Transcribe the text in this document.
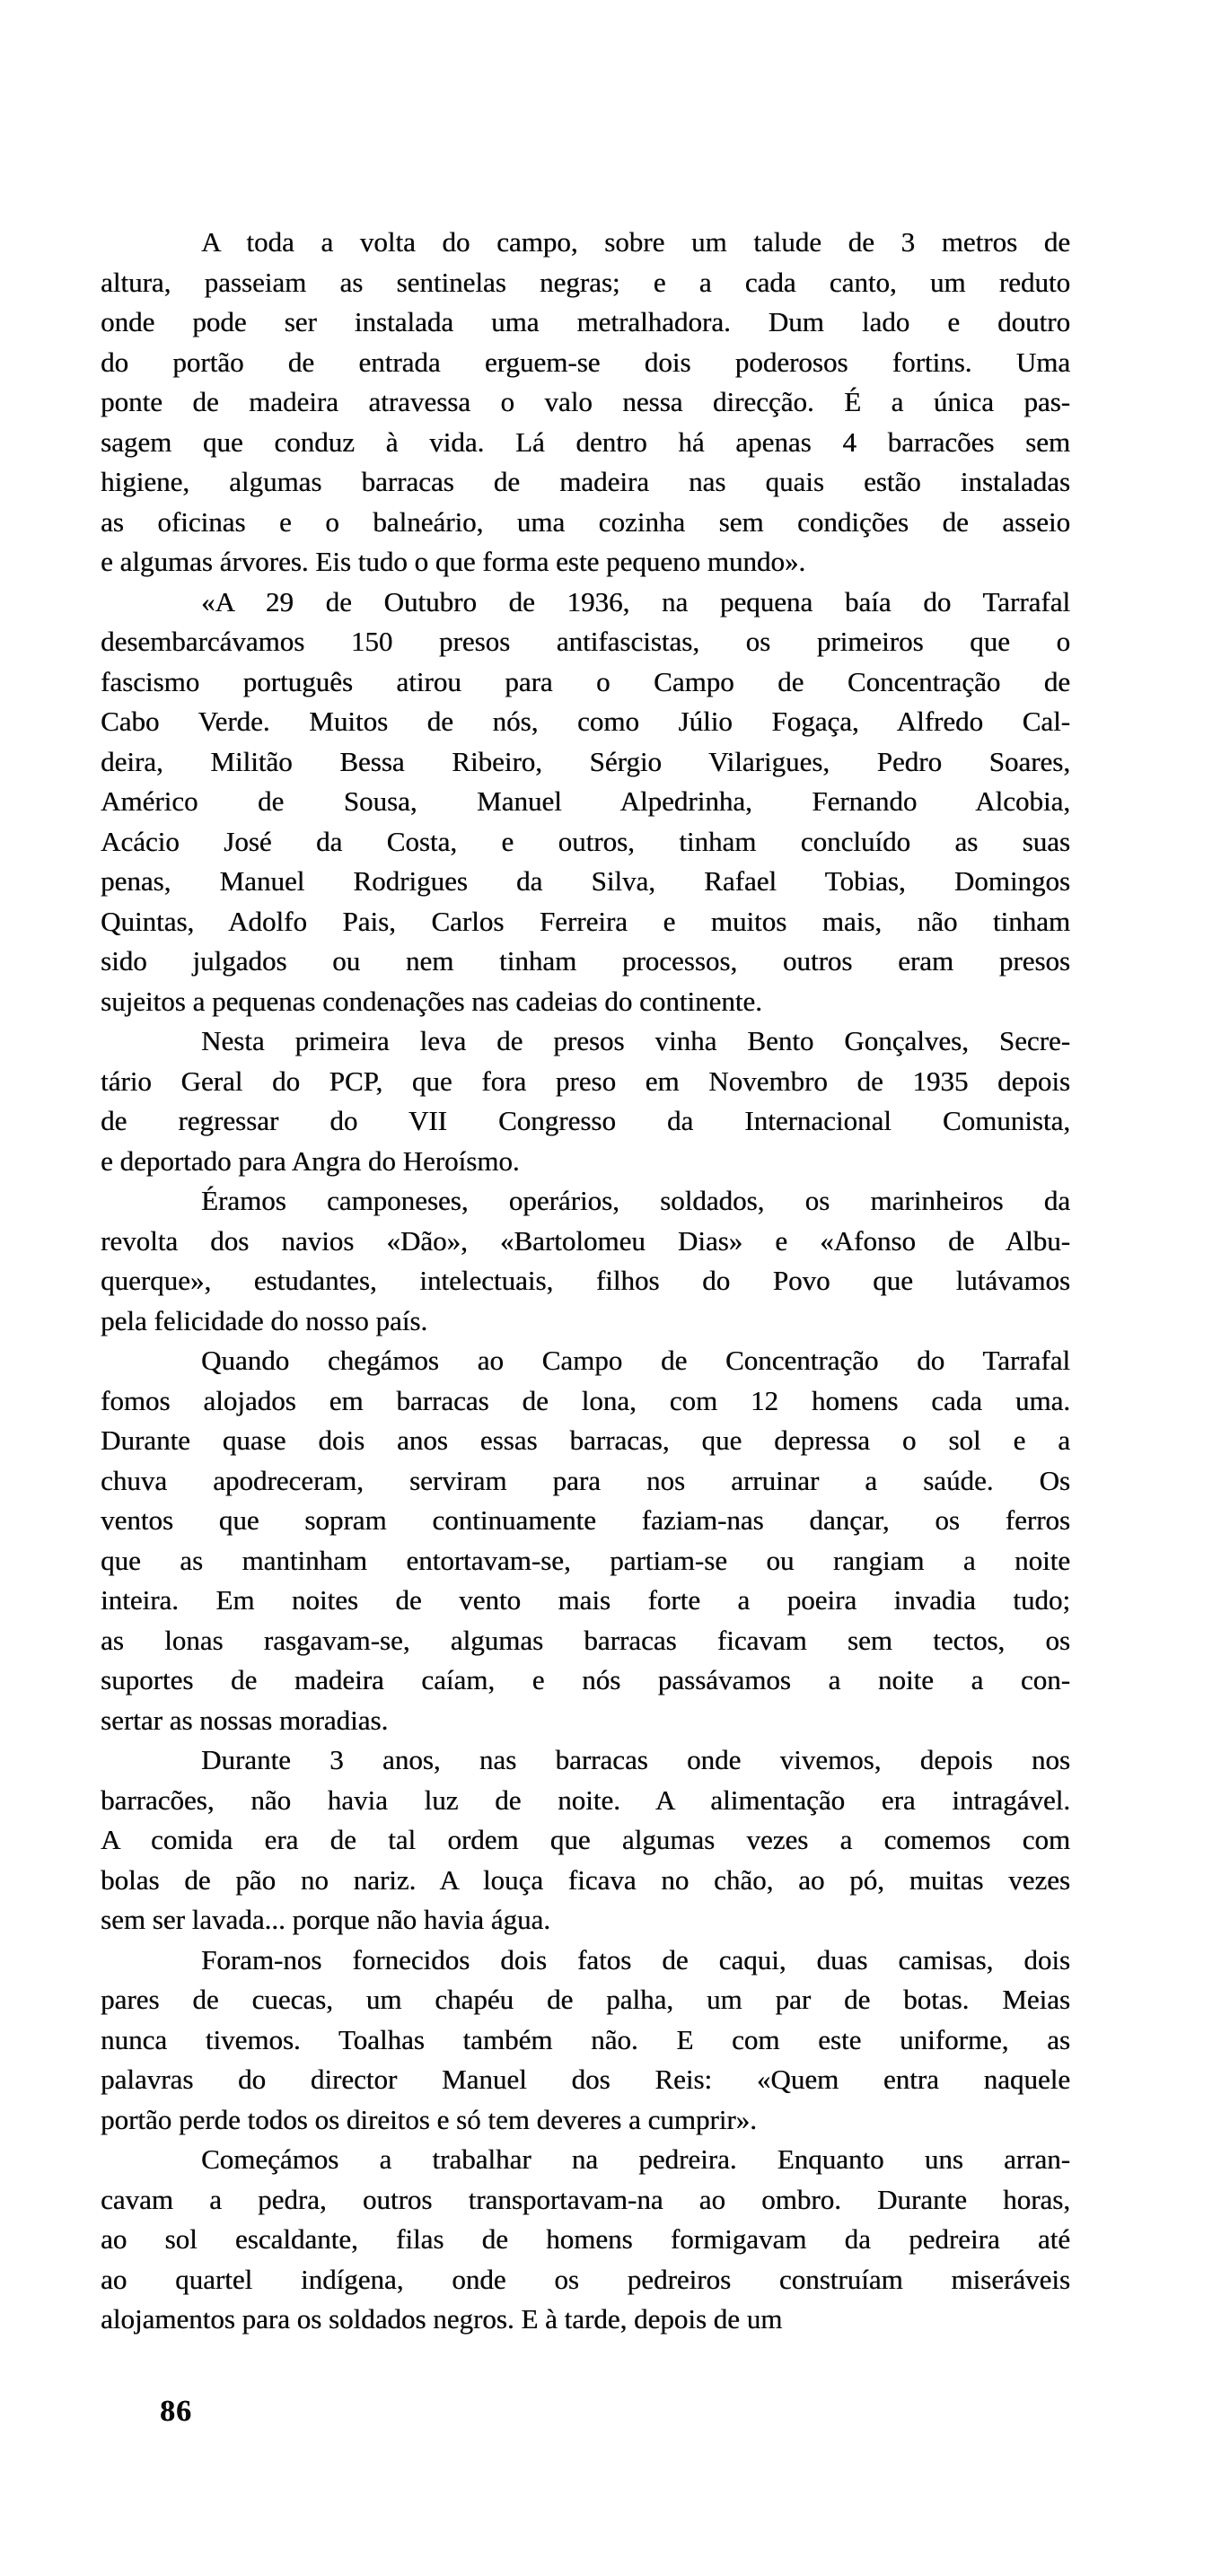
A toda a volta do campo, sobre um talude de 3 metros de
altura, passeiam as sentinelas negras; e a cada canto, um reduto
onde pode ser instalada uma metralhadora. Dum lado e doutro
do portão de entrada erguem-se dois poderosos fortins. Uma
ponte de madeira atravessa o valo nessa direcção. É a única pas-
sagem que conduz à vida. Lá dentro há apenas 4 barracões sem
higiene, algumas barracas de madeira nas quais estão instaladas
as oficinas e o balneário, uma cozinha sem condições de asseio
e algumas árvores. Eis tudo o que forma este pequeno mundo».
«A 29 de Outubro de 1936, na pequena baía do Tarrafal
desembarcávamos 150 presos antifascistas, os primeiros que o
fascismo português atirou para o Campo de Concentração de
Cabo Verde. Muitos de nós, como Júlio Fogaça, Alfredo Cal-
deira, Militão Bessa Ribeiro, Sérgio Vilarigues, Pedro Soares,
Américo de Sousa, Manuel Alpedrinha, Fernando Alcobia,
Acácio José da Costa, e outros, tinham concluído as suas
penas, Manuel Rodrigues da Silva, Rafael Tobias, Domingos
Quintas, Adolfo Pais, Carlos Ferreira e muitos mais, não tinham
sido julgados ou nem tinham processos, outros eram presos
sujeitos a pequenas condenações nas cadeias do continente.
Nesta primeira leva de presos vinha Bento Gonçalves, Secre-
tário Geral do PCP, que fora preso em Novembro de 1935 depois
de regressar do VII Congresso da Internacional Comunista,
e deportado para Angra do Heroísmo.
Éramos camponeses, operários, soldados, os marinheiros da
revolta dos navios «Dão», «Bartolomeu Dias» e «Afonso de Albu-
querque», estudantes, intelectuais, filhos do Povo que lutávamos
pela felicidade do nosso país.
Quando chegámos ao Campo de Concentração do Tarrafal
fomos alojados em barracas de lona, com 12 homens cada uma.
Durante quase dois anos essas barracas, que depressa o sol e a
chuva apodreceram, serviram para nos arruinar a saúde. Os
ventos que sopram continuamente faziam-nas dançar, os ferros
que as mantinham entortavam-se, partiam-se ou rangiam a noite
inteira. Em noites de vento mais forte a poeira invadia tudo;
as lonas rasgavam-se, algumas barracas ficavam sem tectos, os
suportes de madeira caíam, e nós passávamos a noite a con-
sertar as nossas moradias.
Durante 3 anos, nas barracas onde vivemos, depois nos
barracões, não havia luz de noite. A alimentação era intragável.
A comida era de tal ordem que algumas vezes a comemos com
bolas de pão no nariz. A louça ficava no chão, ao pó, muitas vezes
sem ser lavada... porque não havia água.
Foram-nos fornecidos dois fatos de caqui, duas camisas, dois
pares de cuecas, um chapéu de palha, um par de botas. Meias
nunca tivemos. Toalhas também não. E com este uniforme, as
palavras do director Manuel dos Reis: «Quem entra naquele
portão perde todos os direitos e só tem deveres a cumprir».
Começámos a trabalhar na pedreira. Enquanto uns arran-
cavam a pedra, outros transportavam-na ao ombro. Durante horas,
ao sol escaldante, filas de homens formigavam da pedreira até
ao quartel indígena, onde os pedreiros construíam miseráveis
alojamentos para os soldados negros. E à tarde, depois de um
86
